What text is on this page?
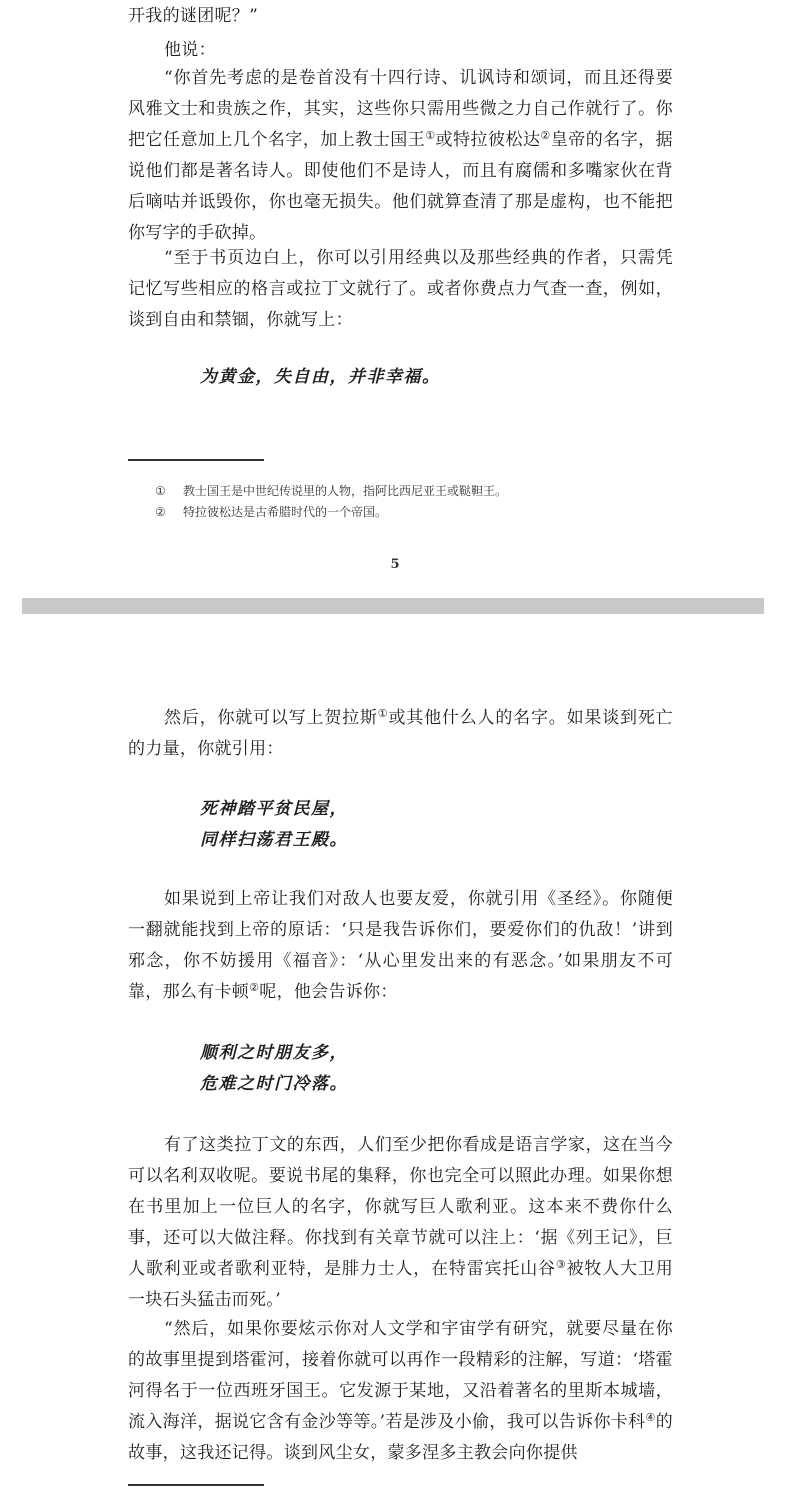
开我的谜团呢？”

他说：

“你首先考虑的是卷首没有十四行诗、讥讽诗和颂词，而且还得要风雅文士和贵族之作，其实，这些你只需用些微之力自己作就行了。你把它任意加上几个名字，加上教士国王①或特拉彼松达②皇帝的名字，据说他们都是著名诗人。即使他们不是诗人，而且有腐儒和多嘴家伙在背后嘀咕并诋毁你，你也毫无损失。他们就算查清了那是虚构，也不能把你写字的手砍掉。

“至于书页边白上，你可以引用经典以及那些经典的作者，只需凭记忆写些相应的格言或拉丁文就行了。或者你费点力气查一查，例如，谈到自由和禁锢，你就写上：

为黄金，失自由，并非幸福。

① 教士国王是中世纪传说里的人物，指阿比西尼亚王或鞑靼王。

② 特拉彼松达是古希腊时代的一个帝国。

5

然后，你就可以写上贺拉斯①或其他什么人的名字。如果谈到死亡的力量，你就引用：

死神踏平贫民屋，
同样扫荡君王殿。

如果说到上帝让我们对敌人也要友爱，你就引用《圣经》。你随便一翻就能找到上帝的原话：‘只是我告诉你们，要爱你们的仇敌！’讲到邪念，你不妨援用《福音》：‘从心里发出来的有恶念。’如果朋友不可靠，那么有卡顿②呢，他会告诉你：

顺利之时朋友多，
危难之时门冷落。

有了这类拉丁文的东西，人们至少把你看成是语言学家，这在当今可以名利双收呢。要说书尾的集释，你也完全可以照此办理。如果你想在书里加上一位巨人的名字，你就写巨人歌利亚。这本来不费你什么事，还可以大做注释。你找到有关章节就可以注上：‘据《列王记》，巨人歌利亚或者歌利亚特，是腓力士人，在特雷宾托山谷③被牧人大卫用一块石头猛击而死。’

“然后，如果你要炫示你对人文学和宇宙学有研究，就要尽量在你的故事里提到塔霍河，接着你就可以再作一段精彩的注解，写道：‘塔霍河得名于一位西班牙国王。它发源于某地，又沿着著名的里斯本城墙，流入海洋，据说它含有金沙等等。’若是涉及小偷，我可以告诉你卡科④的故事，这我还记得。谈到风尘女，蒙多涅多主教会向你提供
